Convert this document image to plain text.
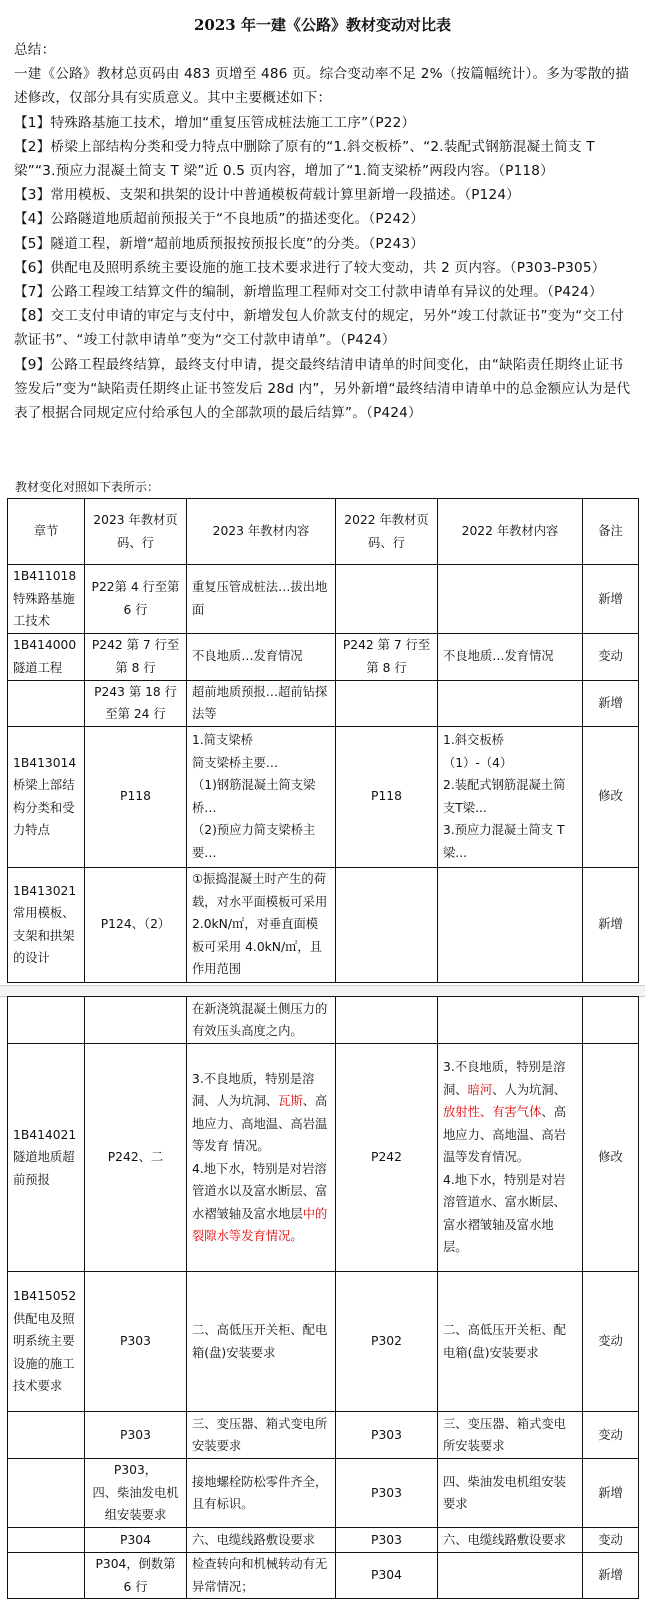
2023 年一建《公路》教材变动对比表

总结：

一建《公路》教材总页码由 483 页增至 486 页。综合变动率不足 2%（按篇幅统计）。多为零散的描述修改，仅部分具有实质意义。其中主要概述如下：

【1】特殊路基施工技术，增加“重复压管成桩法施工工序”（P22）

【2】桥梁上部结构分类和受力特点中删除了原有的“1.斜交板桥”、“2.装配式钢筋混凝土简支 T 梁”“3.预应力混凝土简支 T 梁”近 0.5 页内容，增加了“1.简支梁桥”两段内容。（P118）

【3】常用模板、支架和拱架的设计中普通模板荷载计算里新增一段描述。（P124）

【4】公路隧道地质超前预报关于“不良地质”的描述变化。（P242）

【5】隧道工程，新增“超前地质预报按预报长度”的分类。（P243）

【6】供配电及照明系统主要设施的施工技术要求进行了较大变动，共 2 页内容。（P303-P305）

【7】公路工程竣工结算文件的编制，新增监理工程师对交工付款申请单有异议的处理。（P424）

【8】交工支付申请的审定与支付中，新增发包人价款支付的规定，另外“竣工付款证书”变为“交工付款证书”、“竣工付款申请单”变为“交工付款申请单”。（P424）

【9】公路工程最终结算，最终支付申请，提交最终结清申请单的时间变化，由“缺陷责任期终止证书签发后”变为“缺陷责任期终止证书签发后 28d 内”，另外新增“最终结清申请单中的总金额应认为是代表了根据合同规定应付给承包人的全部款项的最后结算”。（P424）

教材变化对照如下表所示：
章节	2023 年教材页码、行	2023 年教材内容	2022 年教材页码、行	2022 年教材内容	备注
1B411018特殊路基施工技术	P22第 4 行至第 6 行	重复压管成桩法…拔出地面			新增
1B414000隧道工程	P242 第 7 行至第 8 行	不良地质…发育情况	P242 第 7 行至第 8 行	不良地质…发育情况	变动
	P243 第 18 行至第 24 行	超前地质预报…超前钻探法等			新增
1B413014桥梁上部结构分类和受力特点	P118	1.简支梁桥
简支梁桥主要…
（1)钢筋混凝土简支梁桥…
（2)预应力简支梁桥主要…	P118	1.斜交板桥
（1）-（4）
2.装配式钢筋混凝土简支T梁...
3.预应力混凝土简支 T 梁...	修改
1B413021常用模板、支架和拱架的设计	P124、（2）	①振捣混凝土时产生的荷载，对水平面模板可采用 2.0kN/㎡，对垂直面模板可采用 4.0kN/㎡，且作用范围			新增
		在新浇筑混凝土侧压力的有效压头高度之内。			
1B414021隧道地质超前预报	P242、二	3.不良地质，特别是溶洞、人为坑洞、瓦斯、高地应力、高地温、高岩温等发育 情况。
4.地下水，特别是对岩溶管道水以及富水断层、富水褶皱轴及富水地层中的裂隙水等发育情况。	P242	3.不良地质，特别是溶洞、暗河、人为坑洞、放射性、有害气体、高地应力、高地温、高岩温等发育情况。
4.地下水，特别是对岩溶管道水、富水断层、富水褶皱轴及富水地层。	修改
1B415052供配电及照明系统主要设施的施工技术要求	P303	二、高低压开关柜、配电箱(盘)安装要求	P302	二、高低压开关柜、配电箱(盘)安装要求	变动
	P303	三、变压器、箱式变电所安装要求	P303	三、变压器、箱式变电所安装要求	变动
	P303，
四、柴油发电机组安装要求	接地螺栓防松零件齐全，且有标识。	P303	四、柴油发电机组安装要求	新增
	P304	六、电缆线路敷设要求	P303	六、电缆线路敷设要求	变动
	P304，倒数第 6 行	检查转向和机械转动有无异常情况；	P304		新增
